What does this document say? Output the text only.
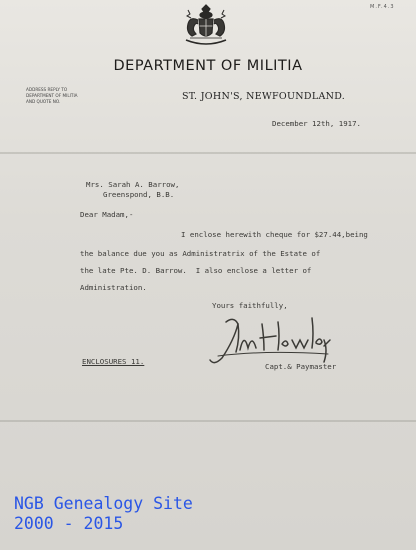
M.F.4.3
DEPARTMENT OF MILITIA
ADDRESS REPLY TO
DEPARTMENT OF MILITIA
AND QUOTE NO.	ST. JOHN'S, NEWFOUNDLAND.
December 12th, 1917.
Mrs. Sarah A. Barrow,
Greenspond, B.B.
Dear Madam,-
I enclose herewith cheque for $27.44,being
the balance due you as Administratrix of the Estate of
the late Pte. D. Barrow.  I also enclose a letter of
Administration.
Yours faithfully,
ENCLOSURES 11.
Capt.& Paymaster
NGB Genealogy Site
2000 - 2015
